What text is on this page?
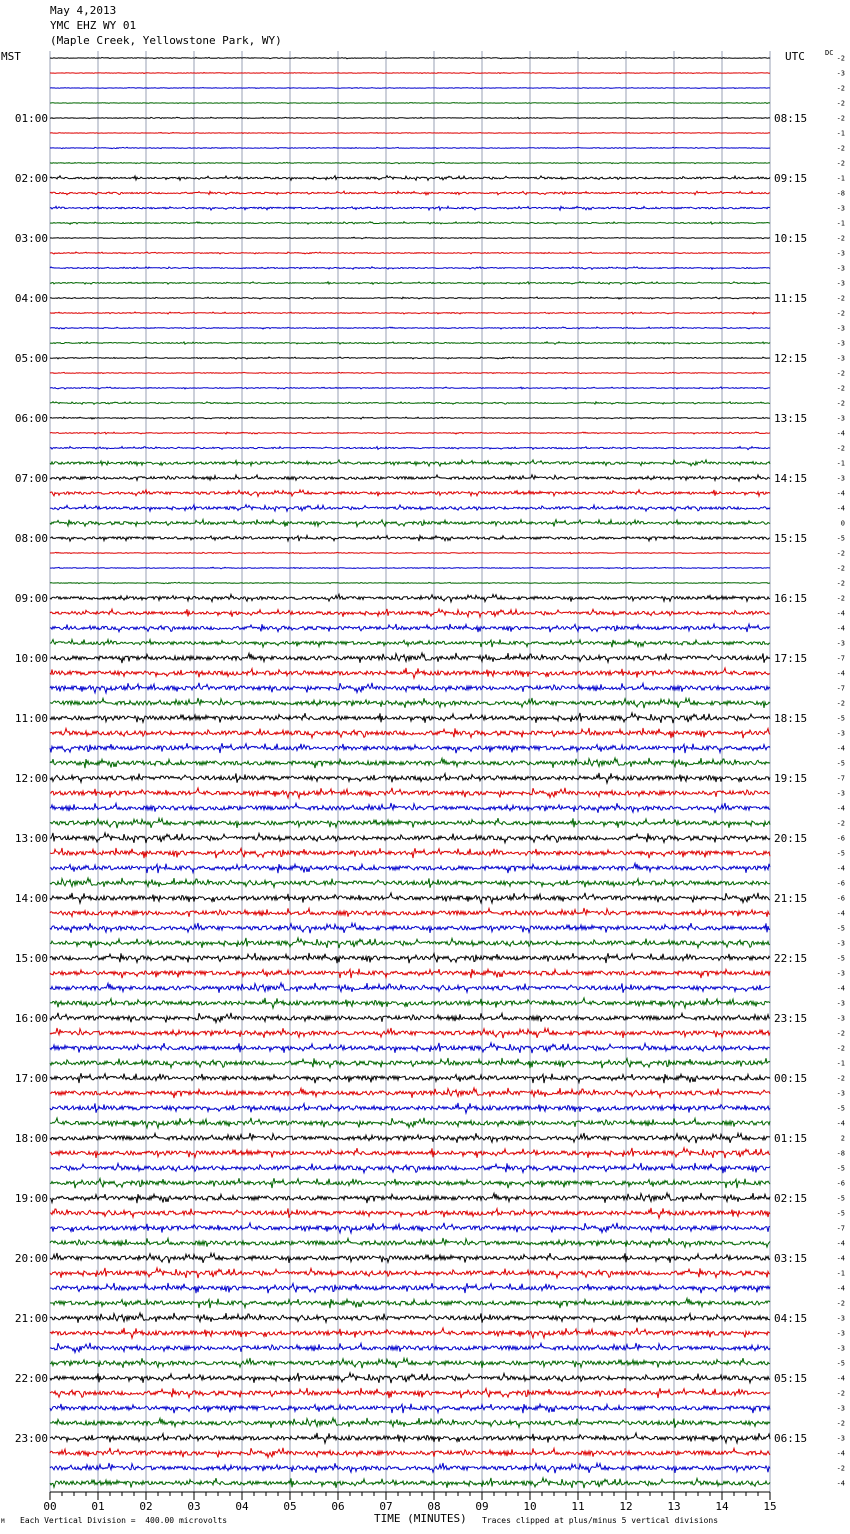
May 4,2013
YMC EHZ WY 01
(Maple Creek, Yellowstone Park, WY)
MST	UTC	DC
-2
-3
-2
-2
-2
-1
-2
-2
-1
-8
-3
-1
-2
-3
-3
-3
-2
-2
-3
-3
-3
-2
-2
-2
-3
-4
-2
-1
-3
-4
-4
0
-5
-2
-2
-2
-2
-4
-4
-3
-7
-4
-7
-2
-5
-3
-4
-5
-7
-3
-4
-2
-6
-5
-4
-6
-6
-4
-5
-3
-5
-3
-4
-3
-3
-2
-2
-1
-2
-3
-5
-4
2
-8
-5
-6
-5
-5
-7
-4
-4
-1
-4
-2
-3
-3
-3
-5
-4
-2
-3
-2
-3
-4
-2
-4
01:00	08:15
02:00	09:15
03:00	10:15
04:00	11:15
05:00	12:15
06:00	13:15
07:00	14:15
08:00	15:15
09:00	16:15
10:00	17:15
11:00	18:15
12:00	19:15
13:00	20:15
14:00	21:15
15:00	22:15
16:00	23:15
17:00	00:15
18:00	01:15
19:00	02:15
20:00	03:15
21:00	04:15
22:00	05:15
23:00	06:15
00	01	02	03	04	05	06	07	08	09	10	11	12	13	14	15
M Each Vertical Division =  400.00 microvolts	TIME (MINUTES) Traces clipped at plus/minus 5 vertical divisions
